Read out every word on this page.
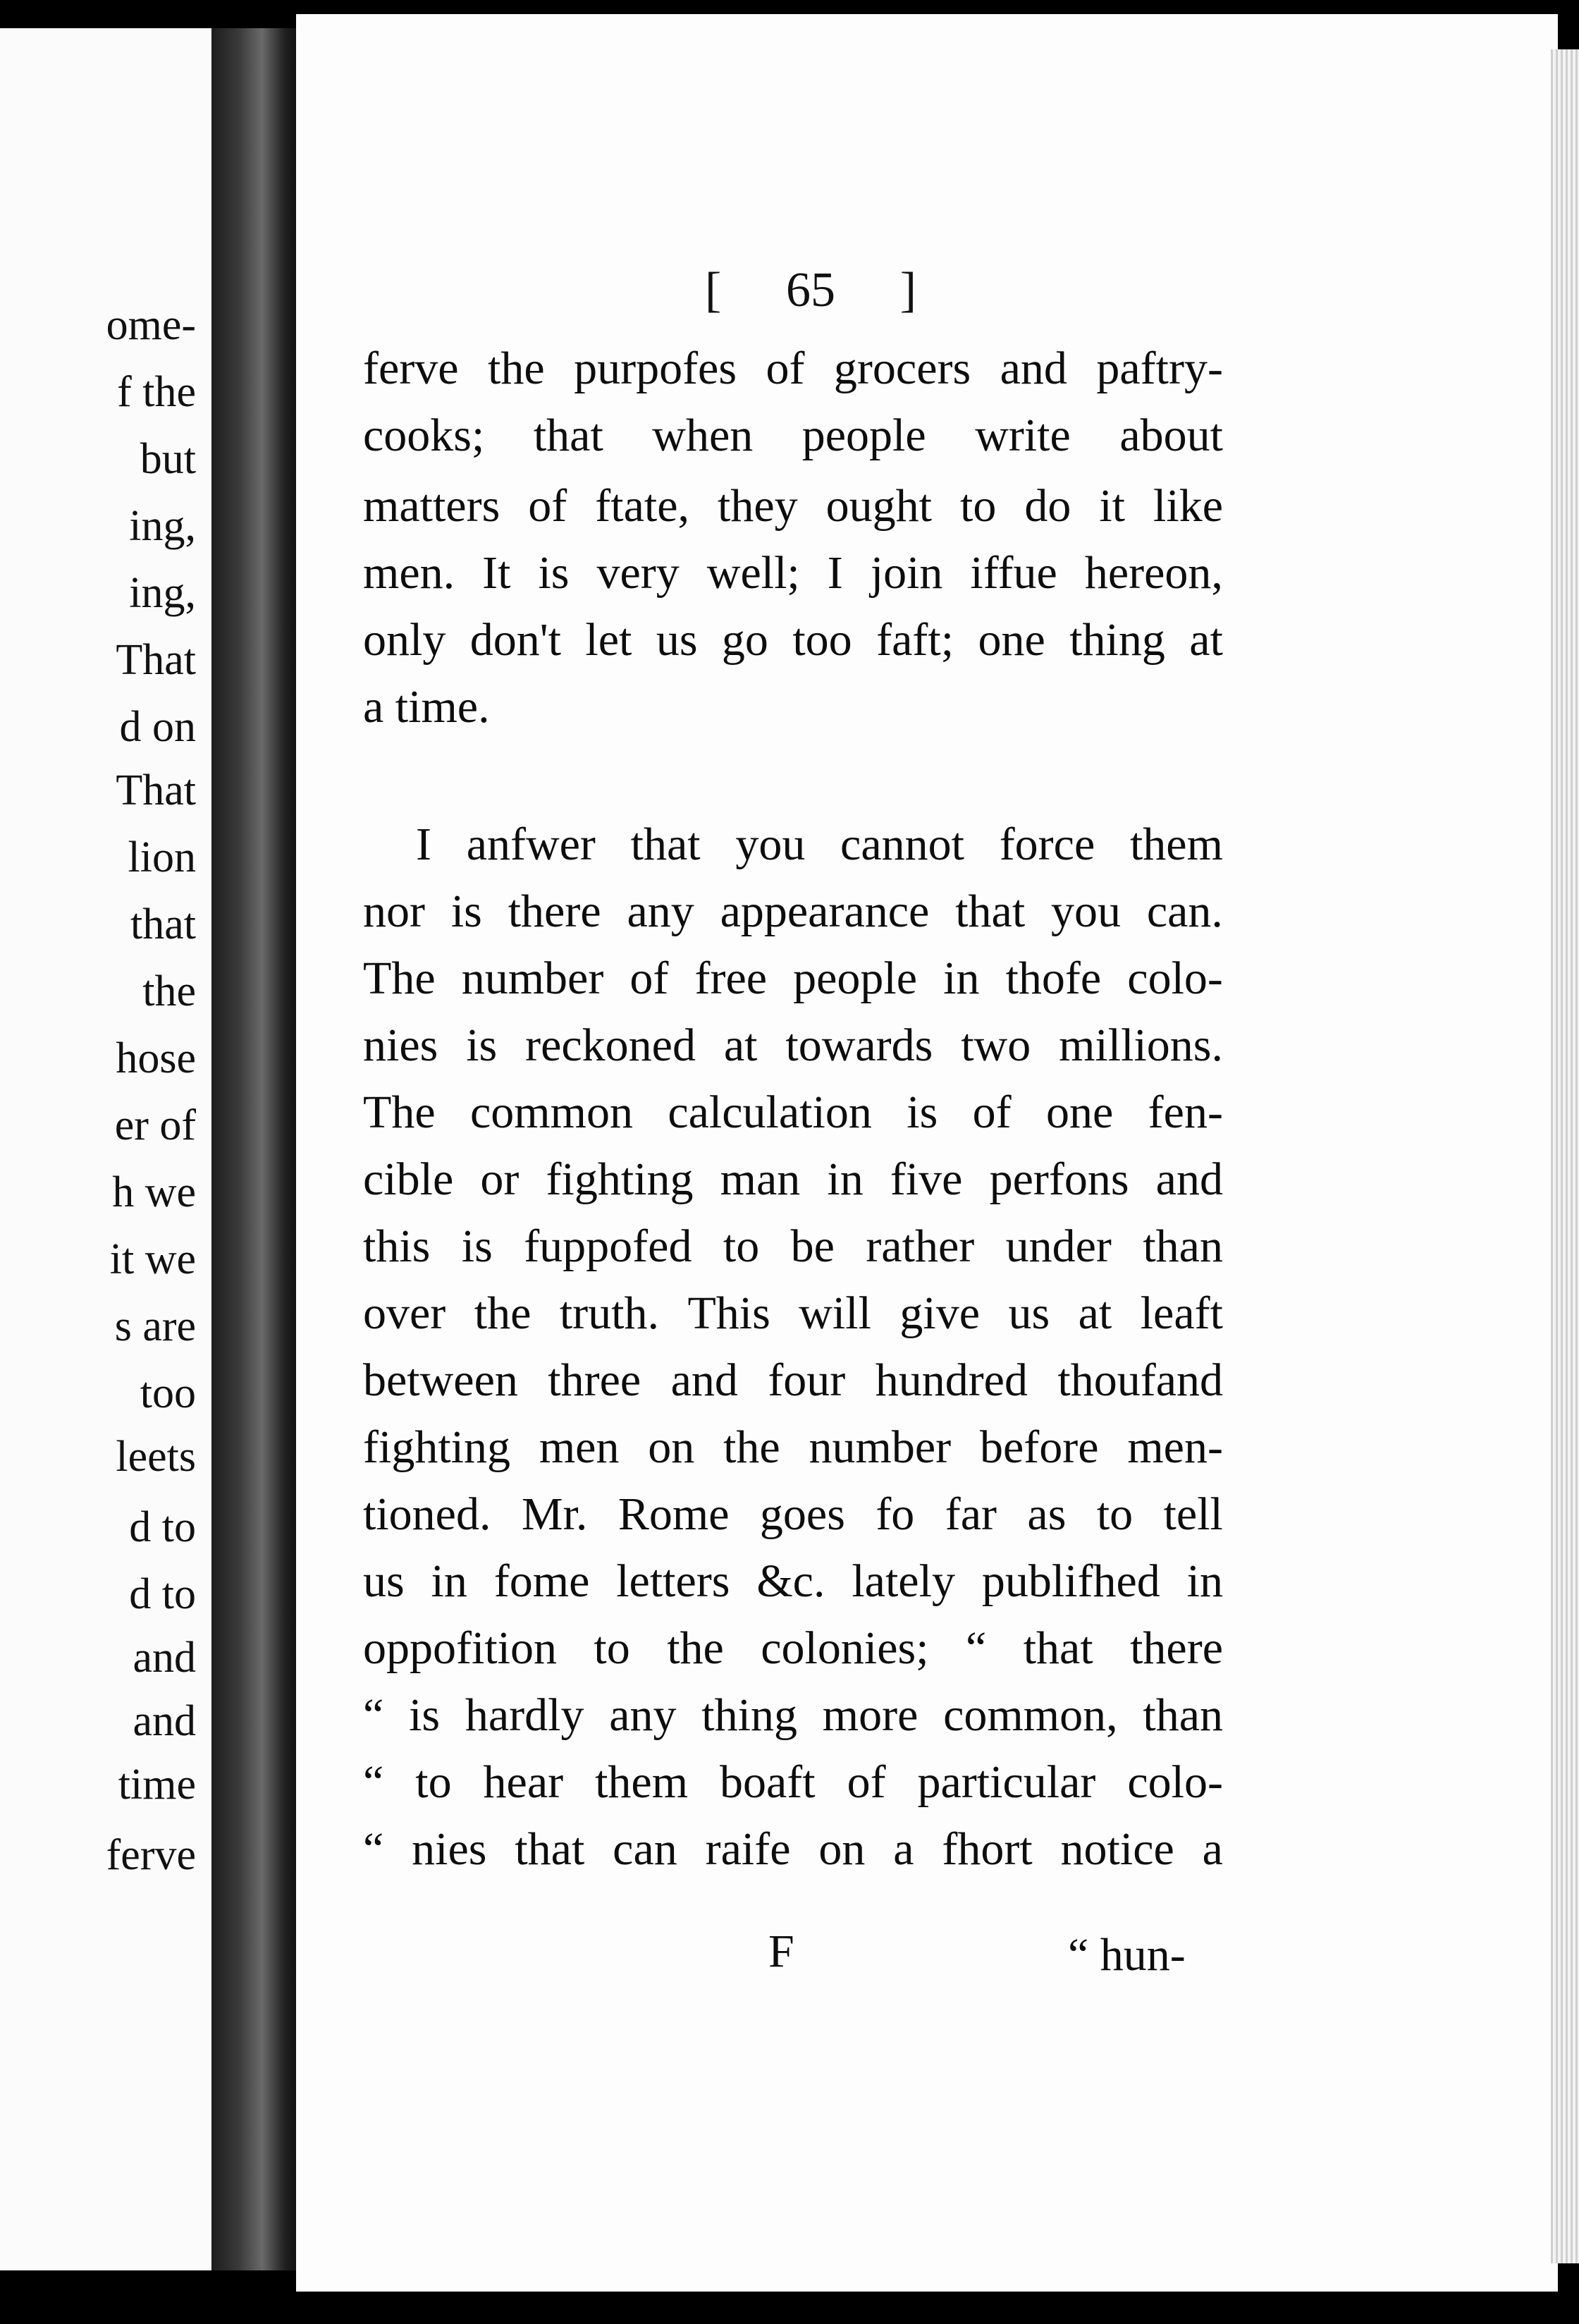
ome-
f the
but
ing,
ing,
That
d on
That
lion
that
the
hose
er of
h we
it we
s are
too
leets
d to
d to
and
and
time
ferve
[ 65 ]
ferve the purpofes of grocers and paftry-
cooks; that when people write about
matters of ftate, they ought to do it like
men. It is very well; I join iffue hereon,
only don't let us go too faft; one thing at
a time.
I anfwer that you cannot force them
nor is there any appearance that you can.
The number of free people in thofe colo-
nies is reckoned at towards two millions.
The common calculation is of one fen-
cible or fighting man in five perfons and
this is fuppofed to be rather under than
over the truth. This will give us at leaft
between three and four hundred thoufand
fighting men on the number before men-
tioned. Mr. Rome goes fo far as to tell
us in fome letters &c. lately publifhed in
oppofition to the colonies; “ that there
“ is hardly any thing more common, than
“ to hear them boaft of particular colo-
“ nies that can raife on a fhort notice a
F	“ hun-
